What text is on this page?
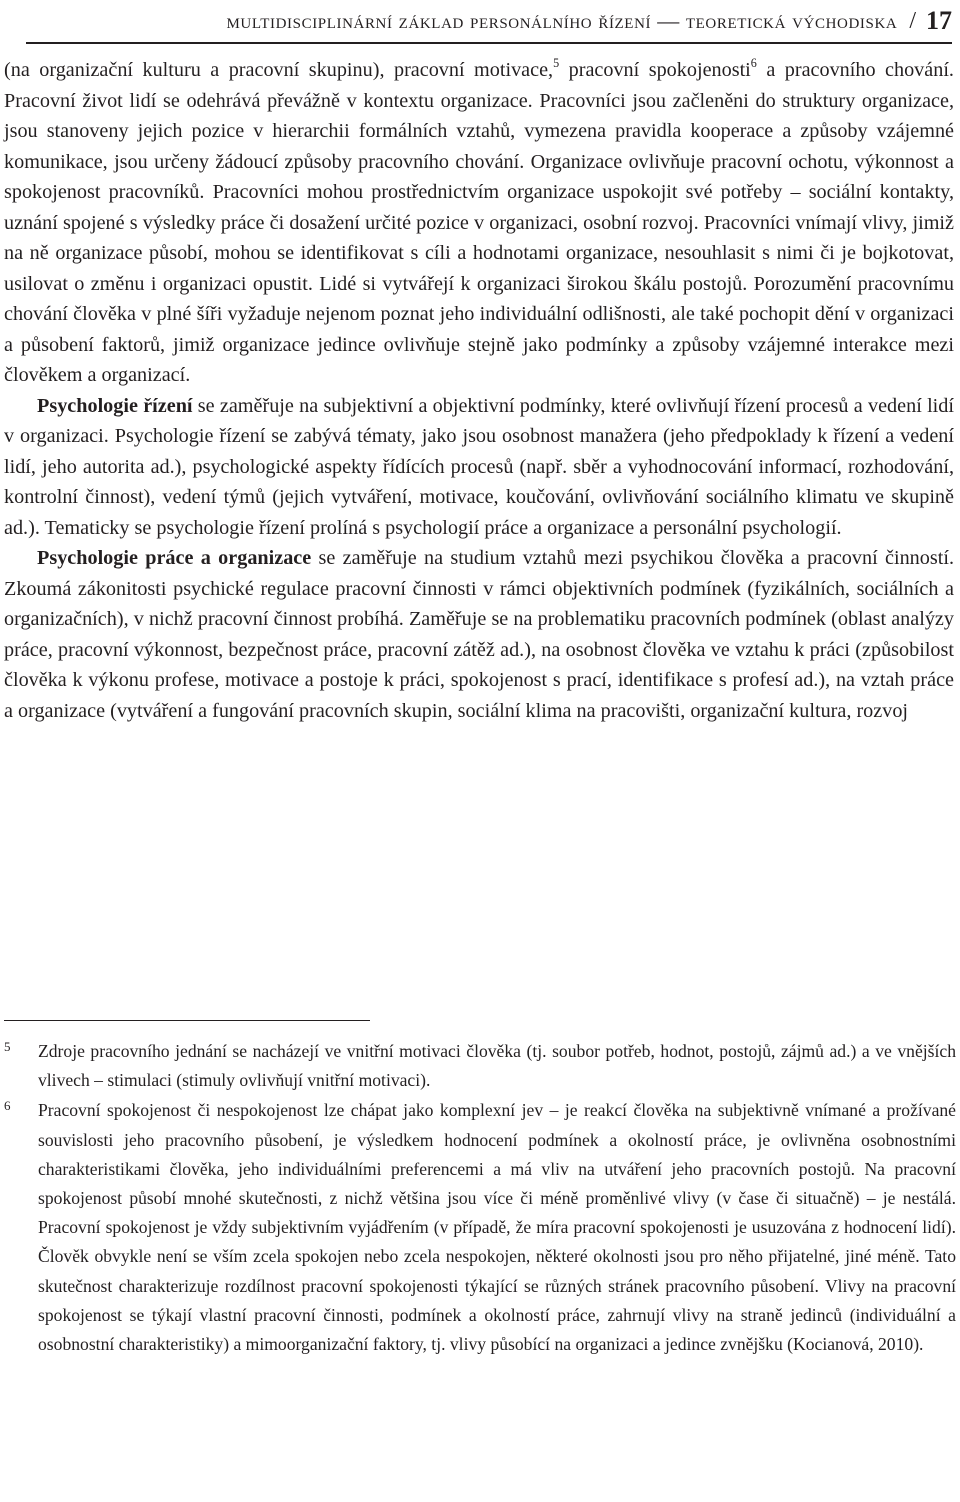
multidisciplinární základ personálního řízení — teoretická východiska / 17

(na organizační kulturu a pracovní skupinu), pracovní motivace,$^5$ pracovní spokojenosti$^6$ a pracovního chování. Pracovní život lidí se odehrává převážně v kontextu organizace. Pracovníci jsou začleněni do struktury organizace, jsou stanoveny jejich pozice v hierarchii formálních vztahů, vymezena pravidla kooperace a způsoby vzájemné komunikace, jsou určeny žádoucí způsoby pracovního chování. Organizace ovlivňuje pracovní ochotu, výkonnost a spokojenost pracovníků. Pracovníci mohou prostřednictvím organizace uspokojit své potřeby – sociální kontakty, uznání spojené s výsledky práce či dosažení určité pozice v organizaci, osobní rozvoj. Pracovníci vnímají vlivy, jimiž na ně organizace působí, mohou se identifikovat s cíli a hodnotami organizace, nesouhlasit s nimi či je bojkotovat, usilovat o změnu i organizaci opustit. Lidé si vytvářejí k organizaci širokou škálu postojů. Porozumění pracovnímu chování člověka v plné šíři vyžaduje nejenom poznat jeho individuální odlišnosti, ale také pochopit dění v organizaci a působení faktorů, jimiž organizace jedince ovlivňuje stejně jako podmínky a způsoby vzájemné interakce mezi člověkem a organizací.

Psychologie řízení se zaměřuje na subjektivní a objektivní podmínky, které ovlivňují řízení procesů a vedení lidí v organizaci. Psychologie řízení se zabývá tématy, jako jsou osobnost manažera (jeho předpoklady k řízení a vedení lidí, jeho autorita ad.), psychologické aspekty řídících procesů (např. sběr a vyhodnocování informací, rozhodování, kontrolní činnost), vedení týmů (jejich vytváření, motivace, koučování, ovlivňování sociálního klimatu ve skupině ad.). Tematicky se psychologie řízení prolíná s psychologií práce a organizace a personální psychologií.

Psychologie práce a organizace se zaměřuje na studium vztahů mezi psychikou člověka a pracovní činností. Zkoumá zákonitosti psychické regulace pracovní činnosti v rámci objektivních podmínek (fyzikálních, sociálních a organizačních), v nichž pracovní činnost probíhá. Zaměřuje se na problematiku pracovních podmínek (oblast analýzy práce, pracovní výkonnost, bezpečnost práce, pracovní zátěž ad.), na osobnost člověka ve vztahu k práci (způsobilost člověka k výkonu profese, motivace a postoje k práci, spokojenost s prací, identifikace s profesí ad.), na vztah práce a organizace (vytváření a fungování pracovních skupin, sociální klima na pracovišti, organizační kultura, rozvoj

5 Zdroje pracovního jednání se nacházejí ve vnitřní motivaci člověka (tj. soubor potřeb, hodnot, postojů, zájmů ad.) a ve vnějších vlivech – stimulaci (stimuly ovlivňují vnitřní motivaci).
6 Pracovní spokojenost či nespokojenost lze chápat jako komplexní jev – je reakcí člověka na subjektivně vnímané a prožívané souvislosti jeho pracovního působení, je výsledkem hodnocení podmínek a okolností práce, je ovlivněna osobnostními charakteristikami člověka, jeho individuálními preferencemi a má vliv na utváření jeho pracovních postojů. Na pracovní spokojenost působí mnohé skutečnosti, z nichž většina jsou více či méně proměnlivé vlivy (v čase či situačně) – je nestálá. Pracovní spokojenost je vždy subjektivním vyjádřením (v případě, že míra pracovní spokojenosti je usuzována z hodnocení lidí). Člověk obvykle není se vším zcela spokojen nebo zcela nespokojen, některé okolnosti jsou pro něho přijatelné, jiné méně. Tato skutečnost charakterizuje rozdílnost pracovní spokojenosti týkající se různých stránek pracovního působení. Vlivy na pracovní spokojenost se týkají vlastní pracovní činnosti, podmínek a okolností práce, zahrnují vlivy na straně jedinců (individuální a osobnostní charakteristiky) a mimoorganizační faktory, tj. vlivy působící na organizaci a jedince zvnějšku (Kocianová, 2010).
